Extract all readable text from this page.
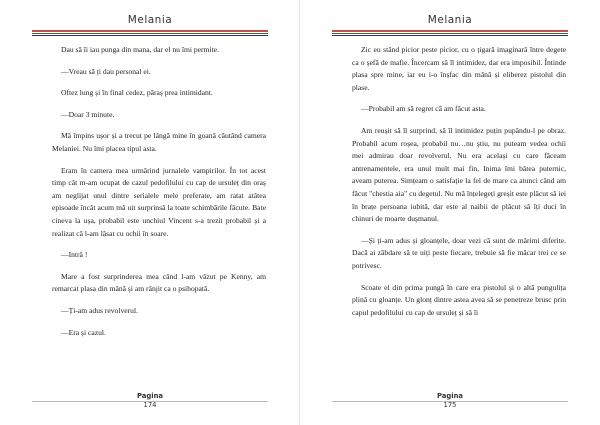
Melania

Dau să îi iau punga din mana, dar el nu îmi permite.

—Vreau să ți dau personal ei.

Oftez lung și în final cedez, pâraș prea intimidant.

—Doar 3 minute.

Mă împins ușor și a trecut pe lângă mine în goană căutând camera Melaniei. Nu îmi placea tipul asta.

Eram în camera mea urmărind jurnalele vampirilor. În tot acest timp cât m-am ocupat de cazul pedofilului cu cap de ursuleț din oraș am neglijat unul dintre serialele mele preferate, am ratat atâtea episoade încât acum mă uit surprinsă la toate schimbările făcute. Bate cineva la ușa, probabil este unchiul Vincent s-a trezit probabil și a realizat că l-am lăsat cu ochii în soare.

—Intră !

Mare a fost surprinderea mea când l-am văzut pe Kenny, am remarcat plasa din mână și am rânjit ca o psihopată.

—Ți-am adus revolverul.

—Era și cazul.

Pagina
174
Melania

Zic eu stând picior peste picior, cu o țigară imaginară între degete ca o șefă de mafie. Încercam să îl intimidez, dar era imposibil. Întinde plasa spre mine, iar eu i-o înșfac din mână și eliberez pistolul din plase.

—Probabil am să regret că am făcut asta.

Am reușit să îl surprind, să îl intimidez puțin pupându-l pe obraz. Probabil acum roșea, probabil nu…nu știu, nu puteam vedea ochii mei admirau doar revolverul. Nu era același cu care făceam antrenamentele, era unul mult mai fin, Inima îmi bătea puternic, aveam puterea. Simțeam o satisfație la fel de mare ca atunci când am făcut "chestia aia" cu degetul. Nu mă înțelegeți greșit este plăcut să iei în brațe persoana iubită, dar este al naibii de plăcut să îți duci în chinuri de moarte dușmanul.

—Și ți-am adus și gloanțele, doar vezi că sunt de mărimi diferite. Dacă ai zăbdare să te uiți peste fiecare, trebuie să fie măcar trei ce se potrivesc.

Scoate el din prima pungă în care era pistolul și o altă pungulița plină cu gloanțe. Un glonț dintre astea avea să se penetreze brusc prin capul pedofilului cu cap de ursuleț și să îi

Pagina
175
